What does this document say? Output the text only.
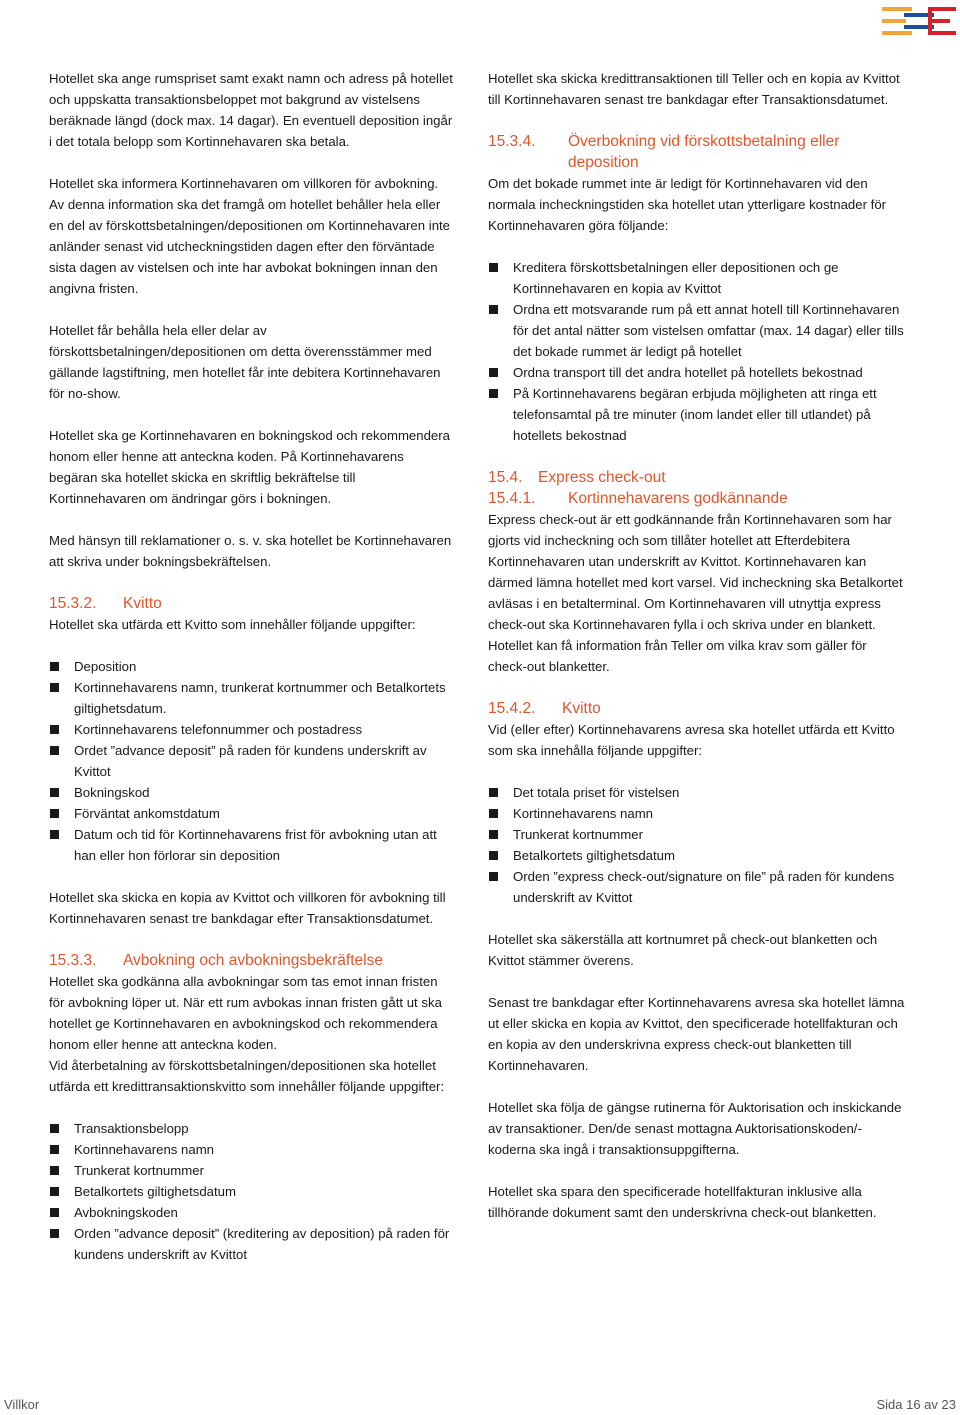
Hotellet ska ange rumspriset samt exakt namn och adress på hotellet och uppskatta transaktionsbeloppet mot bakgrund av vistelsens beräknade längd (dock max. 14 dagar). En eventuell deposition ingår i det totala belopp som Kortinnehavaren ska betala.

Hotellet ska informera Kortinnehavaren om villkoren för avbokning. Av denna information ska det framgå om hotellet behåller hela eller en del av förskottsbetalningen/depositionen om Kortinnehavaren inte anländer senast vid utcheckningstiden dagen efter den förväntade sista dagen av vistelsen och inte har avbokat bokningen innan den angivna fristen.

Hotellet får behålla hela eller delar av förskottsbetalningen/depositionen om detta överensstämmer med gällande lagstiftning, men hotellet får inte debitera Kortinnehavaren för no-show.

Hotellet ska ge Kortinnehavaren en bokningskod och rekommendera honom eller henne att anteckna koden. På Kortinnehavarens begäran ska hotellet skicka en skriftlig bekräftelse till Kortinnehavaren om ändringar görs i bokningen.

Med hänsyn till reklamationer o. s. v. ska hotellet be Kortinnehavaren att skriva under bokningsbekräftelsen.

15.3.2. Kvitto

Hotellet ska utfärda ett Kvitto som innehåller följande uppgifter:

Deposition
Kortinnehavarens namn, trunkerat kortnummer och Betalkortets giltighetsdatum.
Kortinnehavarens telefonnummer och postadress
Ordet ”advance deposit” på raden för kundens underskrift av Kvittot
Bokningskod
Förväntat ankomstdatum
Datum och tid för Kortinnehavarens frist för avbokning utan att han eller hon förlorar sin deposition

Hotellet ska skicka en kopia av Kvittot och villkoren för avbokning till Kortinnehavaren senast tre bankdagar efter Transaktionsdatumet.

15.3.3. Avbokning och avbokningsbekräftelse

Hotellet ska godkänna alla avbokningar som tas emot innan fristen för avbokning löper ut. När ett rum avbokas innan fristen gått ut ska hotellet ge Kortinnehavaren en avbokningskod och rekommendera honom eller henne att anteckna koden.

Vid återbetalning av förskottsbetalningen/depositionen ska hotellet utfärda ett kredittransaktionskvitto som innehåller följande uppgifter:

Transaktionsbelopp
Kortinnehavarens namn
Trunkerat kortnummer
Betalkortets giltighetsdatum
Avbokningskoden
Orden ”advance deposit” (kreditering av deposition) på raden för kundens underskrift av Kvittot

Hotellet ska skicka kredittransaktionen till Teller och en kopia av Kvittot till Kortinnehavaren senast tre bankdagar efter Transaktionsdatumet.

15.3.4. Överbokning vid förskottsbetalning eller deposition

Om det bokade rummet inte är ledigt för Kortinnehavaren vid den normala incheckningstiden ska hotellet utan ytterligare kostnader för Kortinnehavaren göra följande:

Kreditera förskottsbetalningen eller depositionen och ge Kortinnehavaren en kopia av Kvittot
Ordna ett motsvarande rum på ett annat hotell till Kortinnehavaren för det antal nätter som vistelsen omfattar (max. 14 dagar) eller tills det bokade rummet är ledigt på hotellet
Ordna transport till det andra hotellet på hotellets bekostnad
På Kortinnehavarens begäran erbjuda möjligheten att ringa ett telefonsamtal på tre minuter (inom landet eller till utlandet) på hotellets bekostnad
15.4. Express check-out
15.4.1. Kortinnehavarens godkännande

Express check-out är ett godkännande från Kortinnehavaren som har gjorts vid incheckning och som tillåter hotellet att Efterdebitera Kortinnehavaren utan underskrift av Kvittot. Kortinnehavaren kan därmed lämna hotellet med kort varsel. Vid incheckning ska Betalkortet avläsas i en betalterminal. Om Kortinnehavaren vill utnyttja express check-out ska Kortinnehavaren fylla i och skriva under en blankett. Hotellet kan få information från Teller om vilka krav som gäller för check-out blanketter.

15.4.2. Kvitto

Vid (eller efter) Kortinnehavarens avresa ska hotellet utfärda ett Kvitto som ska innehålla följande uppgifter:

Det totala priset för vistelsen
Kortinnehavarens namn
Trunkerat kortnummer
Betalkortets giltighetsdatum
Orden ”express check-out/signature on file” på raden för kundens underskrift av Kvittot

Hotellet ska säkerställa att kortnumret på check-out blanketten och Kvittot stämmer överens.

Senast tre bankdagar efter Kortinnehavarens avresa ska hotellet lämna ut eller skicka en kopia av Kvittot, den specificerade hotellfakturan och en kopia av den underskrivna express check-out blanketten till Kortinnehavaren.

Hotellet ska följa de gängse rutinerna för Auktorisation och inskickande av transaktioner. Den/de senast mottagna Auktorisationskoden/-koderna ska ingå i transaktionsuppgifterna.

Hotellet ska spara den specificerade hotellfakturan inklusive alla tillhörande dokument samt den underskrivna check-out blanketten.

Villkor	Sida 16 av 23
